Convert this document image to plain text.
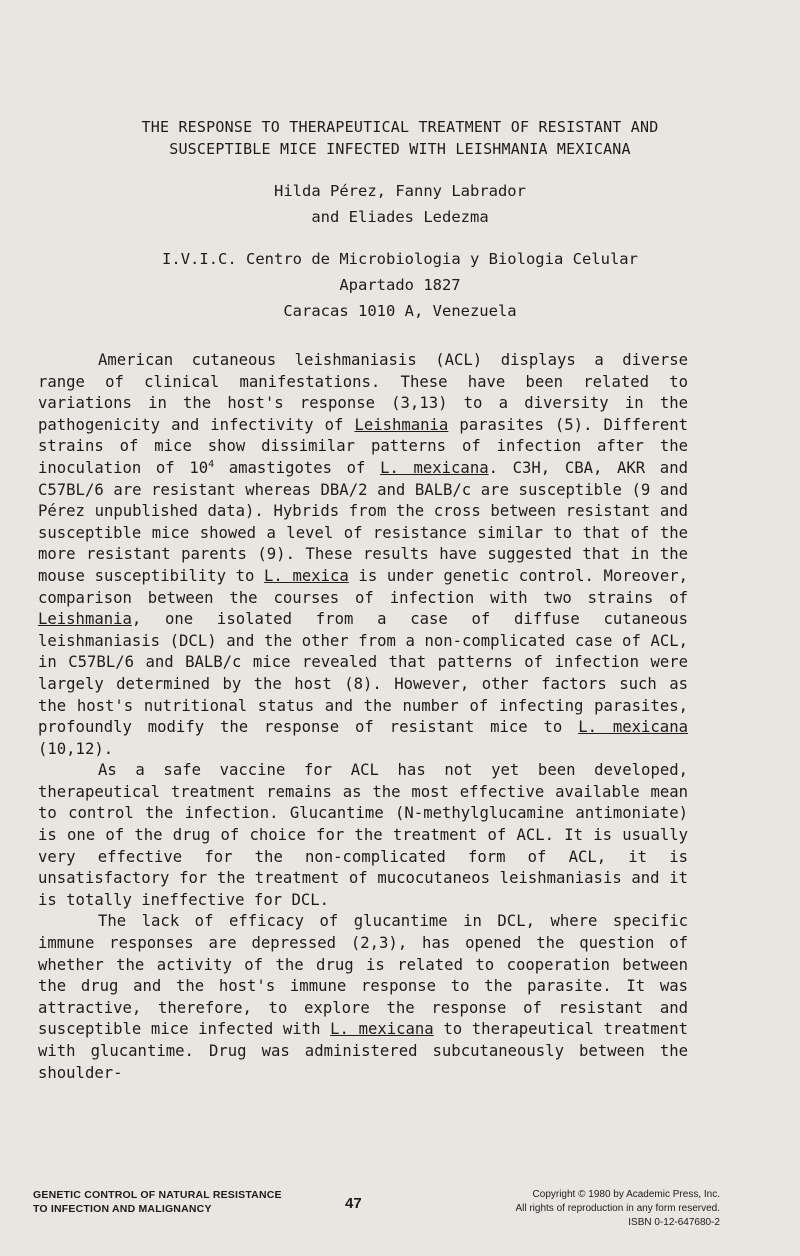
THE RESPONSE TO THERAPEUTICAL TREATMENT OF RESISTANT AND
SUSCEPTIBLE MICE INFECTED WITH LEISHMANIA MEXICANA
Hilda Pérez, Fanny Labrador
and Eliades Ledezma
I.V.I.C. Centro de Microbiologia y Biologia Celular
Apartado 1827
Caracas 1010 A, Venezuela

American cutaneous leishmaniasis (ACL) displays a diverse range of clinical manifestations. These have been related to variations in the host's response (3,13) to a diversity in the pathogenicity and infectivity of Leishmania parasites (5). Different strains of mice show dissimilar patterns of infection after the inoculation of $10^4$ amastigotes of L. mexicana. C3H, CBA, AKR and C57BL/6 are resistant whereas DBA/2 and BALB/c are susceptible (9 and Pérez unpublished data). Hybrids from the cross between resistant and susceptible mice showed a level of resistance similar to that of the more resistant parents (9). These results have suggested that in the mouse susceptibility to L. mexica is under genetic control. Moreover, comparison between the courses of infection with two strains of Leishmania, one isolated from a case of diffuse cutaneous leishmaniasis (DCL) and the other from a non-complicated case of ACL, in C57BL/6 and BALB/c mice revealed that patterns of infection were largely determined by the host (8). However, other factors such as the host's nutritional status and the number of infecting parasites, profoundly modify the response of resistant mice to L. mexicana (10,12).

As a safe vaccine for ACL has not yet been developed, therapeutical treatment remains as the most effective available mean to control the infection. Glucantime (N-methylglucamine antimoniate) is one of the drug of choice for the treatment of ACL. It is usually very effective for the non-complicated form of ACL, it is unsatisfactory for the treatment of mucocutaneos leishmaniasis and it is totally ineffective for DCL.

The lack of efficacy of glucantime in DCL, where specific immune responses are depressed (2,3), has opened the question of whether the activity of the drug is related to cooperation between the drug and the host's immune response to the parasite. It was attractive, therefore, to explore the response of resistant and susceptible mice infected with L. mexicana to therapeutical treatment with glucantime. Drug was administered subcutaneously between the shoulder-

GENETIC CONTROL OF NATURAL RESISTANCE
TO INFECTION AND MALIGNANCY	47
Copyright © 1980 by Academic Press, Inc.
All rights of reproduction in any form reserved.
ISBN 0-12-647680-2
